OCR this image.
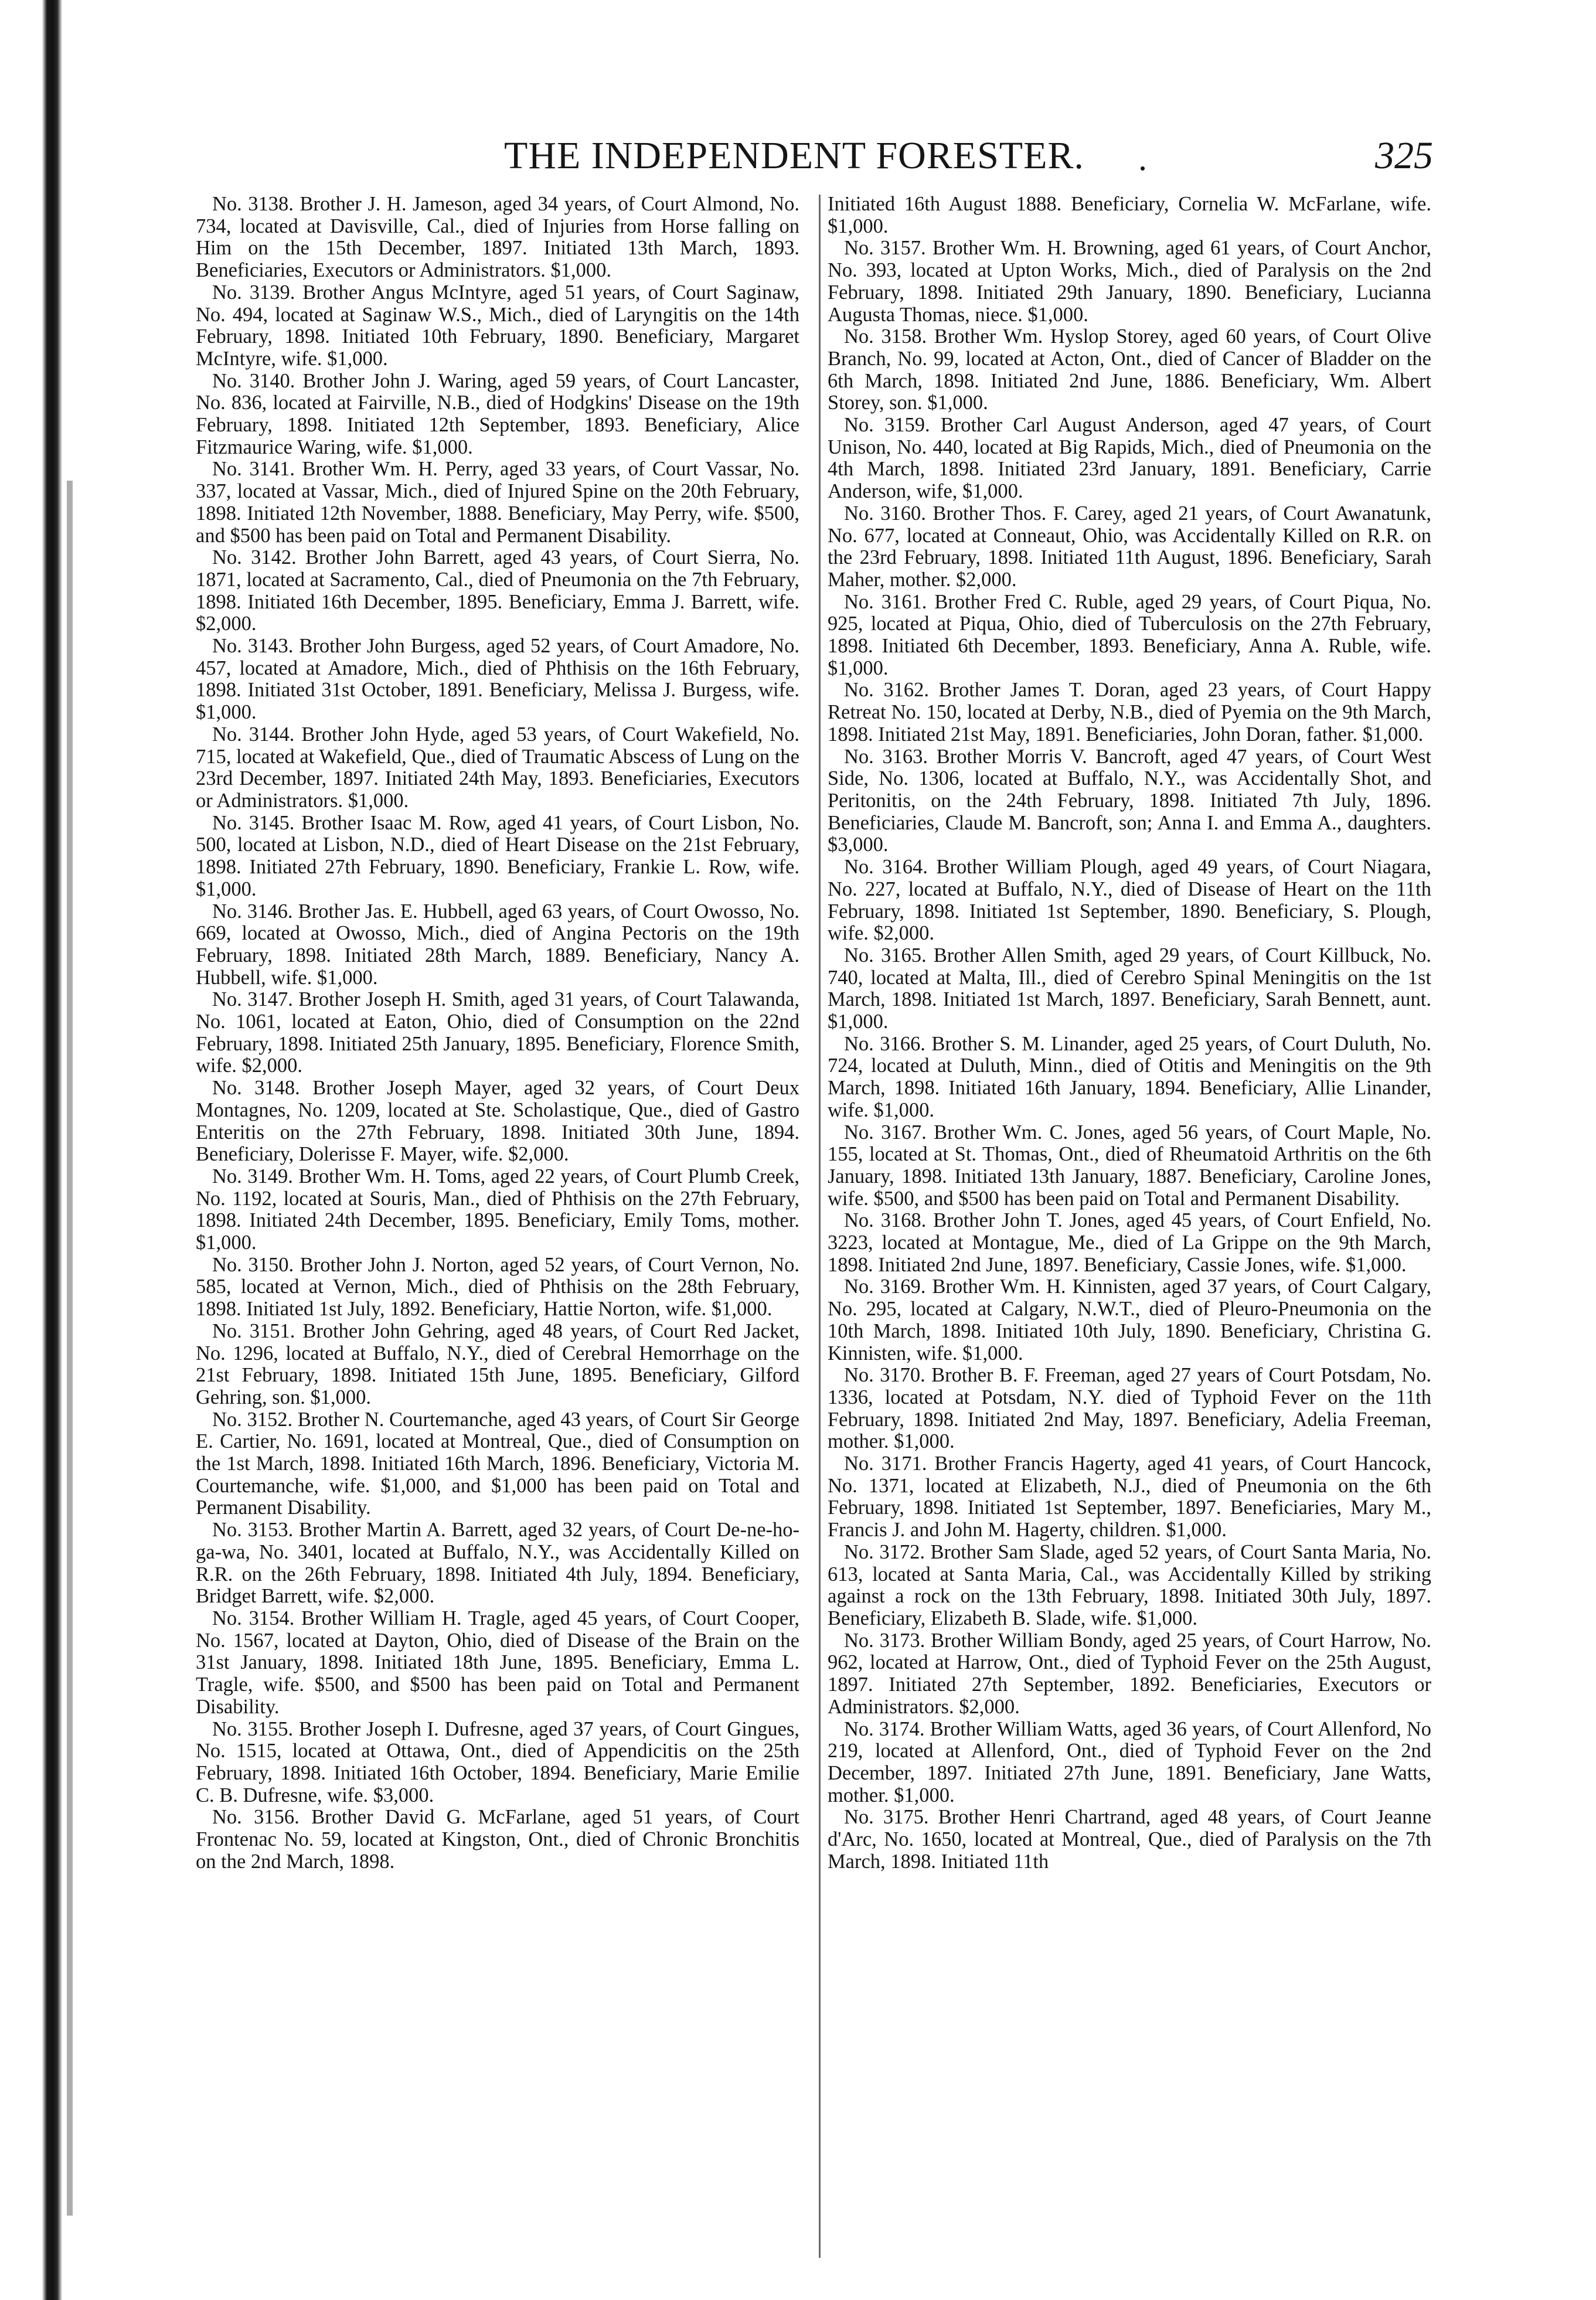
THE INDEPENDENT FORESTER. .	325

No. 3138. Brother J. H. Jameson, aged 34 years, of Court Almond, No. 734, located at Davisville, Cal., died of Injuries from Horse falling on Him on the 15th December, 1897. Initiated 13th March, 1893. Beneficiaries, Executors or Administrators. $1,000.

No. 3139. Brother Angus McIntyre, aged 51 years, of Court Saginaw, No. 494, located at Saginaw W.S., Mich., died of Laryngitis on the 14th February, 1898. Initiated 10th February, 1890. Beneficiary, Margaret McIntyre, wife. $1,000.

No. 3140. Brother John J. Waring, aged 59 years, of Court Lancaster, No. 836, located at Fairville, N.B., died of Hodgkins' Disease on the 19th February, 1898. Initiated 12th September, 1893. Beneficiary, Alice Fitzmaurice Waring, wife. $1,000.

No. 3141. Brother Wm. H. Perry, aged 33 years, of Court Vassar, No. 337, located at Vassar, Mich., died of Injured Spine on the 20th February, 1898. Initiated 12th November, 1888. Beneficiary, May Perry, wife. $500, and $500 has been paid on Total and Permanent Disability.

No. 3142. Brother John Barrett, aged 43 years, of Court Sierra, No. 1871, located at Sacramento, Cal., died of Pneumonia on the 7th February, 1898. Initiated 16th December, 1895. Beneficiary, Emma J. Barrett, wife. $2,000.

No. 3143. Brother John Burgess, aged 52 years, of Court Amadore, No. 457, located at Amadore, Mich., died of Phthisis on the 16th February, 1898. Initiated 31st October, 1891. Beneficiary, Melissa J. Burgess, wife. $1,000.

No. 3144. Brother John Hyde, aged 53 years, of Court Wakefield, No. 715, located at Wakefield, Que., died of Traumatic Abscess of Lung on the 23rd December, 1897. Initiated 24th May, 1893. Beneficiaries, Executors or Administrators. $1,000.

No. 3145. Brother Isaac M. Row, aged 41 years, of Court Lisbon, No. 500, located at Lisbon, N.D., died of Heart Disease on the 21st February, 1898. Initiated 27th February, 1890. Beneficiary, Frankie L. Row, wife. $1,000.

No. 3146. Brother Jas. E. Hubbell, aged 63 years, of Court Owosso, No. 669, located at Owosso, Mich., died of Angina Pectoris on the 19th February, 1898. Initiated 28th March, 1889. Beneficiary, Nancy A. Hubbell, wife. $1,000.

No. 3147. Brother Joseph H. Smith, aged 31 years, of Court Talawanda, No. 1061, located at Eaton, Ohio, died of Consumption on the 22nd February, 1898. Initiated 25th January, 1895. Beneficiary, Florence Smith, wife. $2,000.

No. 3148. Brother Joseph Mayer, aged 32 years, of Court Deux Montagnes, No. 1209, located at Ste. Scholastique, Que., died of Gastro Enteritis on the 27th February, 1898. Initiated 30th June, 1894. Beneficiary, Dolerisse F. Mayer, wife. $2,000.

No. 3149. Brother Wm. H. Toms, aged 22 years, of Court Plumb Creek, No. 1192, located at Souris, Man., died of Phthisis on the 27th February, 1898. Initiated 24th December, 1895. Beneficiary, Emily Toms, mother. $1,000.

No. 3150. Brother John J. Norton, aged 52 years, of Court Vernon, No. 585, located at Vernon, Mich., died of Phthisis on the 28th February, 1898. Initiated 1st July, 1892. Beneficiary, Hattie Norton, wife. $1,000.

No. 3151. Brother John Gehring, aged 48 years, of Court Red Jacket, No. 1296, located at Buffalo, N.Y., died of Cerebral Hemorrhage on the 21st February, 1898. Initiated 15th June, 1895. Beneficiary, Gilford Gehring, son. $1,000.

No. 3152. Brother N. Courtemanche, aged 43 years, of Court Sir George E. Cartier, No. 1691, located at Montreal, Que., died of Consumption on the 1st March, 1898. Initiated 16th March, 1896. Beneficiary, Victoria M. Courtemanche, wife. $1,000, and $1,000 has been paid on Total and Permanent Disability.

No. 3153. Brother Martin A. Barrett, aged 32 years, of Court De-ne-ho-ga-wa, No. 3401, located at Buffalo, N.Y., was Accidentally Killed on R.R. on the 26th February, 1898. Initiated 4th July, 1894. Beneficiary, Bridget Barrett, wife. $2,000.

No. 3154. Brother William H. Tragle, aged 45 years, of Court Cooper, No. 1567, located at Dayton, Ohio, died of Disease of the Brain on the 31st January, 1898. Initiated 18th June, 1895. Beneficiary, Emma L. Tragle, wife. $500, and $500 has been paid on Total and Permanent Disability.

No. 3155. Brother Joseph I. Dufresne, aged 37 years, of Court Gingues, No. 1515, located at Ottawa, Ont., died of Appendicitis on the 25th February, 1898. Initiated 16th October, 1894. Beneficiary, Marie Emilie C. B. Dufresne, wife. $3,000.

No. 3156. Brother David G. McFarlane, aged 51 years, of Court Frontenac No. 59, located at Kingston, Ont., died of Chronic Bronchitis on the 2nd March, 1898.

Initiated 16th August 1888. Beneficiary, Cornelia W. McFarlane, wife. $1,000.

No. 3157. Brother Wm. H. Browning, aged 61 years, of Court Anchor, No. 393, located at Upton Works, Mich., died of Paralysis on the 2nd February, 1898. Initiated 29th January, 1890. Beneficiary, Lucianna Augusta Thomas, niece. $1,000.

No. 3158. Brother Wm. Hyslop Storey, aged 60 years, of Court Olive Branch, No. 99, located at Acton, Ont., died of Cancer of Bladder on the 6th March, 1898. Initiated 2nd June, 1886. Beneficiary, Wm. Albert Storey, son. $1,000.

No. 3159. Brother Carl August Anderson, aged 47 years, of Court Unison, No. 440, located at Big Rapids, Mich., died of Pneumonia on the 4th March, 1898. Initiated 23rd January, 1891. Beneficiary, Carrie Anderson, wife, $1,000.

No. 3160. Brother Thos. F. Carey, aged 21 years, of Court Awanatunk, No. 677, located at Conneaut, Ohio, was Accidentally Killed on R.R. on the 23rd February, 1898. Initiated 11th August, 1896. Beneficiary, Sarah Maher, mother. $2,000.

No. 3161. Brother Fred C. Ruble, aged 29 years, of Court Piqua, No. 925, located at Piqua, Ohio, died of Tuberculosis on the 27th February, 1898. Initiated 6th December, 1893. Beneficiary, Anna A. Ruble, wife. $1,000.

No. 3162. Brother James T. Doran, aged 23 years, of Court Happy Retreat No. 150, located at Derby, N.B., died of Pyemia on the 9th March, 1898. Initiated 21st May, 1891. Beneficiaries, John Doran, father. $1,000.

No. 3163. Brother Morris V. Bancroft, aged 47 years, of Court West Side, No. 1306, located at Buffalo, N.Y., was Accidentally Shot, and Peritonitis, on the 24th February, 1898. Initiated 7th July, 1896. Beneficiaries, Claude M. Bancroft, son; Anna I. and Emma A., daughters. $3,000.

No. 3164. Brother William Plough, aged 49 years, of Court Niagara, No. 227, located at Buffalo, N.Y., died of Disease of Heart on the 11th February, 1898. Initiated 1st September, 1890. Beneficiary, S. Plough, wife. $2,000.

No. 3165. Brother Allen Smith, aged 29 years, of Court Killbuck, No. 740, located at Malta, Ill., died of Cerebro Spinal Meningitis on the 1st March, 1898. Initiated 1st March, 1897. Beneficiary, Sarah Bennett, aunt. $1,000.

No. 3166. Brother S. M. Linander, aged 25 years, of Court Duluth, No. 724, located at Duluth, Minn., died of Otitis and Meningitis on the 9th March, 1898. Initiated 16th January, 1894. Beneficiary, Allie Linander, wife. $1,000.

No. 3167. Brother Wm. C. Jones, aged 56 years, of Court Maple, No. 155, located at St. Thomas, Ont., died of Rheumatoid Arthritis on the 6th January, 1898. Initiated 13th January, 1887. Beneficiary, Caroline Jones, wife. $500, and $500 has been paid on Total and Permanent Disability.

No. 3168. Brother John T. Jones, aged 45 years, of Court Enfield, No. 3223, located at Montague, Me., died of La Grippe on the 9th March, 1898. Initiated 2nd June, 1897. Beneficiary, Cassie Jones, wife. $1,000.

No. 3169. Brother Wm. H. Kinnisten, aged 37 years, of Court Calgary, No. 295, located at Calgary, N.W.T., died of Pleuro-Pneumonia on the 10th March, 1898. Initiated 10th July, 1890. Beneficiary, Christina G. Kinnisten, wife. $1,000.

No. 3170. Brother B. F. Freeman, aged 27 years of Court Potsdam, No. 1336, located at Potsdam, N.Y. died of Typhoid Fever on the 11th February, 1898. Initiated 2nd May, 1897. Beneficiary, Adelia Freeman, mother. $1,000.

No. 3171. Brother Francis Hagerty, aged 41 years, of Court Hancock, No. 1371, located at Elizabeth, N.J., died of Pneumonia on the 6th February, 1898. Initiated 1st September, 1897. Beneficiaries, Mary M., Francis J. and John M. Hagerty, children. $1,000.

No. 3172. Brother Sam Slade, aged 52 years, of Court Santa Maria, No. 613, located at Santa Maria, Cal., was Accidentally Killed by striking against a rock on the 13th February, 1898. Initiated 30th July, 1897. Beneficiary, Elizabeth B. Slade, wife. $1,000.

No. 3173. Brother William Bondy, aged 25 years, of Court Harrow, No. 962, located at Harrow, Ont., died of Typhoid Fever on the 25th August, 1897. Initiated 27th September, 1892. Beneficiaries, Executors or Administrators. $2,000.

No. 3174. Brother William Watts, aged 36 years, of Court Allenford, No 219, located at Allenford, Ont., died of Typhoid Fever on the 2nd December, 1897. Initiated 27th June, 1891. Beneficiary, Jane Watts, mother. $1,000.

No. 3175. Brother Henri Chartrand, aged 48 years, of Court Jeanne d'Arc, No. 1650, located at Montreal, Que., died of Paralysis on the 7th March, 1898. Initiated 11th
